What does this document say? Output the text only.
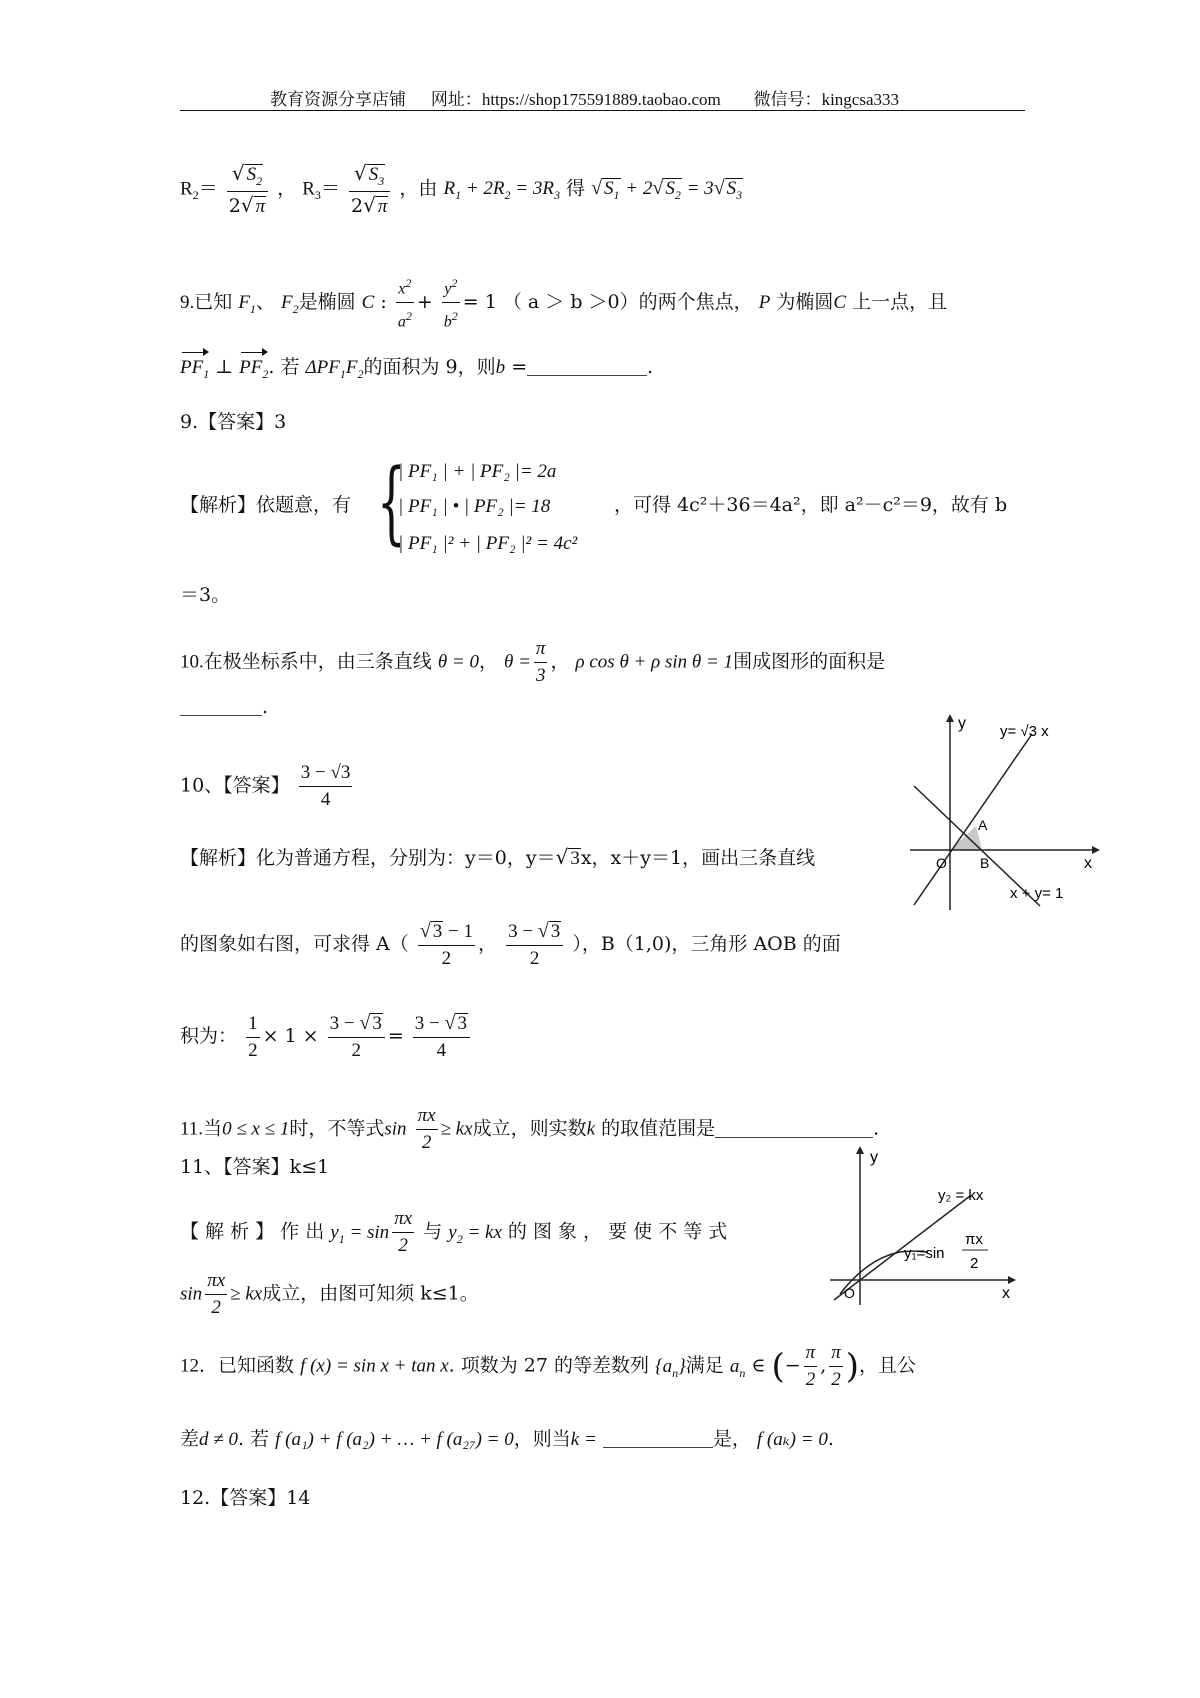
教育资源分享店铺 网址：https://shop175591889.taobao.com 微信号：kingcsa333
$R_2= \frac{√ S_2}{2√ \pi}$ ， $R_3= \frac{√ S_3}{2√ \pi}$ ，由 $R_1 + 2R_2 = 3R_3$ 得 √ $S_1 + 2√$ $S_2 = 3√$ $S_3$
9.已知 $F_1$、 $F_2$是椭圆 C : $\frac{x^2}{a^2} + \frac{y^2}{b^2} = 1$ （ a ＞ b ＞0）的两个焦点， P 为椭圆C 上一点，且
$PF_1$ ⊥ $PF_2$. 若 $\Delta PF_1F_2$的面积为 9，则b =	.
9.【答案】3
【解析】依题意，有 {
| PF₁ | + | PF₂ |= 2a
| PF₁ | • | PF₂ |= 18
| PF₁ |² + | PF₂ |² = 4c²
，可得 4c²＋36＝4a²，即 a²－c²＝9，故有 b
＝3。
10.在极坐标系中，由三条直线 θ = 0， $\theta = \frac{\pi}{3}$ ， ρ cos θ + ρ sin θ = 1围成图形的面积是
.
10、【答案】 $\frac{3 - √3}{4}$
【解析】化为普通方程，分别为：y＝0，y＝√ 3x，x＋y＝1，画出三条直线
的图象如右图，可求得 $A( \frac{√ 3 - 1}{2}$ ， $\frac{3 - √ 3}{2}$ ），B（1,0)，三角形 AOB 的面
积为： $\frac{1}{2} \times 1 \times \frac{3 - √ 3}{2} = \frac{3 - √ 3}{4}$
y
x
y= √3 x
x + y= 1
A
B
O
11.当0 ≤ x ≤ 1时，不等式$\sin \frac{\pi x}{2}$ ≥ kx成立，则实数k 的取值范围是	.
11、【答案】k≤1
【 解 析 】 作 出 $y_1 = \sin \frac{\pi x}{2}$ 与 $y_2$ = kx 的 图 象 ， 要 使 不 等 式
$\sin \frac{\pi x}{2}$ ≥ kx成立，由图可知须 k≤1。
y
x
y₂ = kx
y₁=sin
πx
2
O
12．已知函数 f (x) = sin x + tan x. 项数为 27 的等差数列 $\{a_n\}$满足 $a_n$ ∈ (− $\frac{\pi}{2}$ , $\frac{\pi}{2}$ )，且公
差d ≠ 0. 若 f (a₁) + f (a₂) + … + f (a₂₇) = 0，则当k =	是， f (aₖ) = 0.
12.【答案】14
